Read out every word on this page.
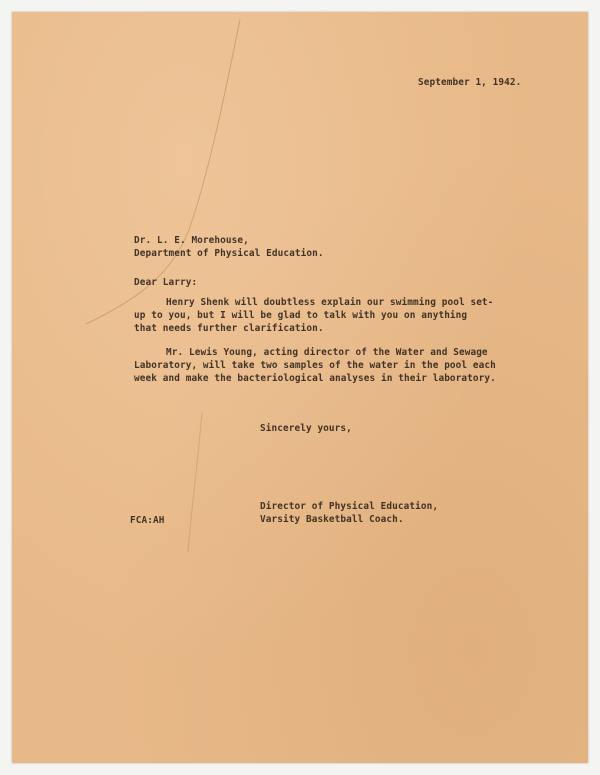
September 1, 1942.

Dr. L. E. Morehouse,
Department of Physical Education.

Dear Larry:

Henry Shenk will doubtless explain our swimming pool set-
up to you, but I will be glad to talk with you on anything
that needs further clarification.
Mr. Lewis Young, acting director of the Water and Sewage
Laboratory, will take two samples of the water in the pool each
week and make the bacteriological analyses in their laboratory.

Sincerely yours,

Director of Physical Education,
Varsity Basketball Coach.

FCA:AH
